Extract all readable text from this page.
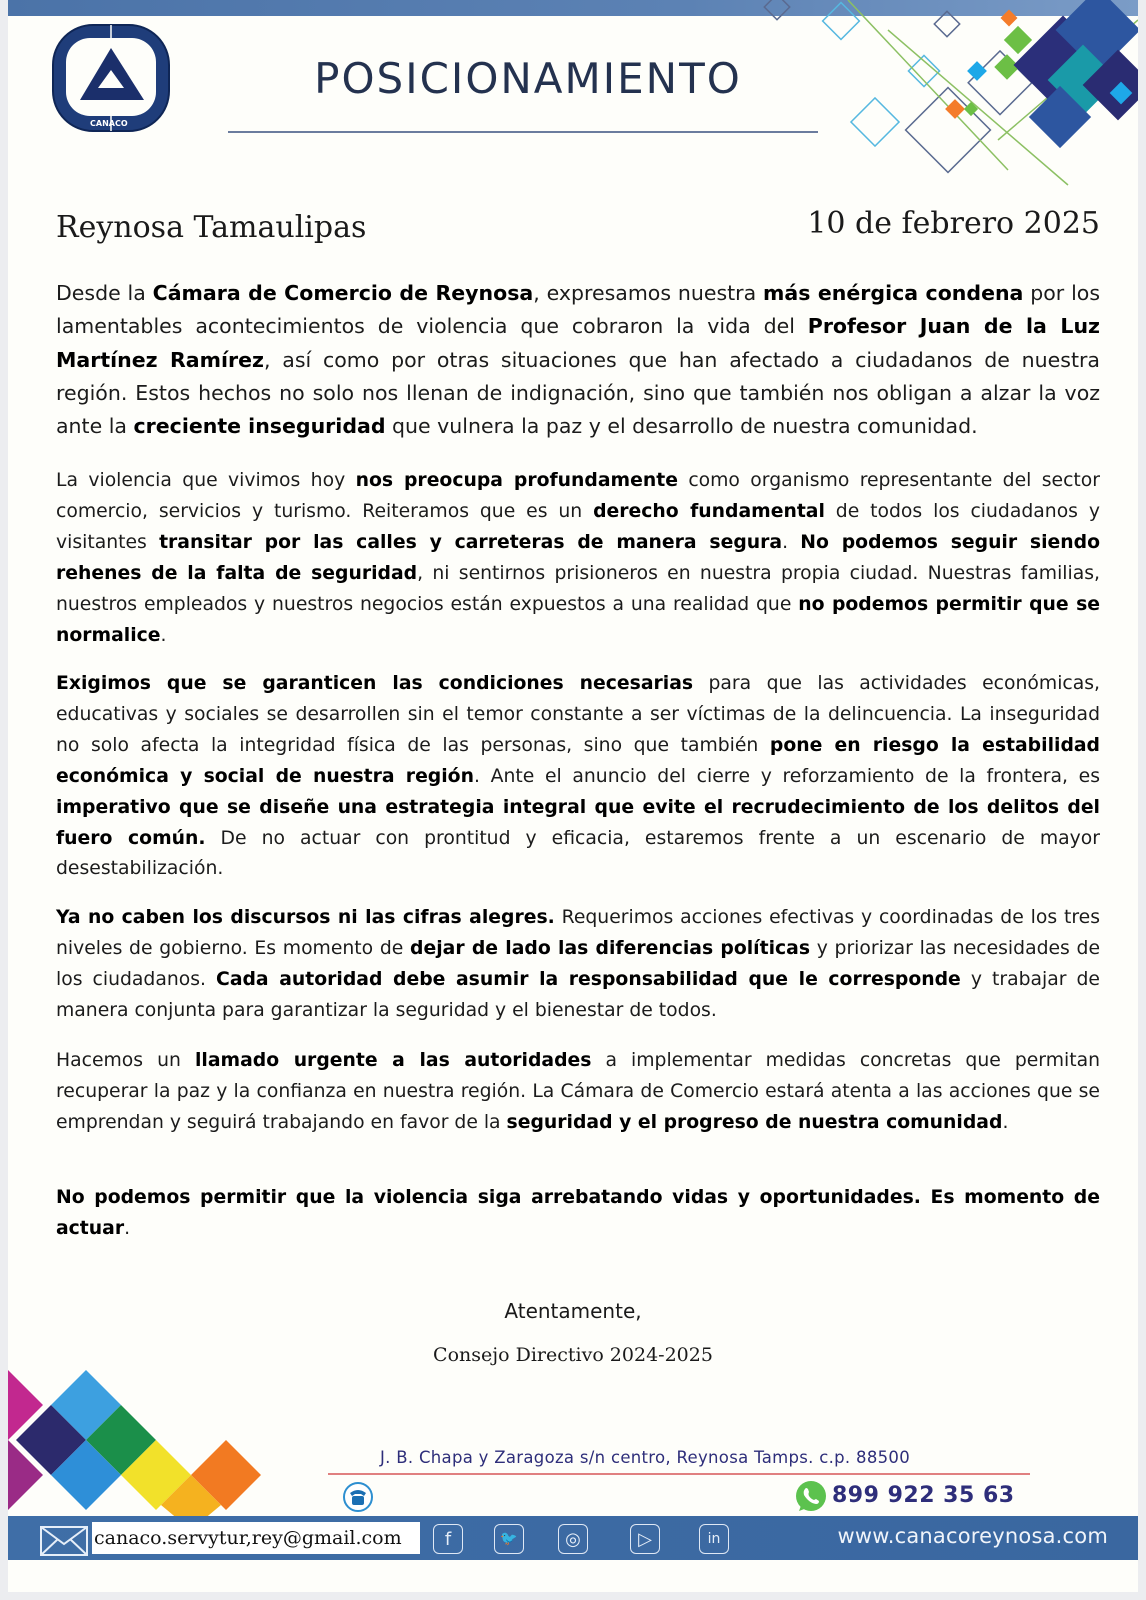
CANACO
POSICIONAMIENTO
Reynosa Tamaulipas	10 de febrero 2025
Desde la Cámara de Comercio de Reynosa, expresamos nuestra más enérgica condena por los lamentables acontecimientos de violencia que cobraron la vida del Profesor Juan de la Luz Martínez Ramírez, así como por otras situaciones que han afectado a ciudadanos de nuestra región. Estos hechos no solo nos llenan de indignación, sino que también nos obligan a alzar la voz ante la creciente inseguridad que vulnera la paz y el desarrollo de nuestra comunidad.
La violencia que vivimos hoy nos preocupa profundamente como organismo representante del sector comercio, servicios y turismo. Reiteramos que es un derecho fundamental de todos los ciudadanos y visitantes transitar por las calles y carreteras de manera segura. No podemos seguir siendo rehenes de la falta de seguridad, ni sentirnos prisioneros en nuestra propia ciudad. Nuestras familias, nuestros empleados y nuestros negocios están expuestos a una realidad que no podemos permitir que se normalice.
Exigimos que se garanticen las condiciones necesarias para que las actividades económicas, educativas y sociales se desarrollen sin el temor constante a ser víctimas de la delincuencia. La inseguridad no solo afecta la integridad física de las personas, sino que también pone en riesgo la estabilidad económica y social de nuestra región. Ante el anuncio del cierre y reforzamiento de la frontera, es imperativo que se diseñe una estrategia integral que evite el recrudecimiento de los delitos del fuero común. De no actuar con prontitud y eficacia, estaremos frente a un escenario de mayor desestabilización.
Ya no caben los discursos ni las cifras alegres. Requerimos acciones efectivas y coordinadas de los tres niveles de gobierno. Es momento de dejar de lado las diferencias políticas y priorizar las necesidades de los ciudadanos. Cada autoridad debe asumir la responsabilidad que le corresponde y trabajar de manera conjunta para garantizar la seguridad y el bienestar de todos.
Hacemos un llamado urgente a las autoridades a implementar medidas concretas que permitan recuperar la paz y la confianza en nuestra región. La Cámara de Comercio estará atenta a las acciones que se emprendan y seguirá trabajando en favor de la seguridad y el progreso de nuestra comunidad.
No podemos permitir que la violencia siga arrebatando vidas y oportunidades. Es momento de actuar.
Atentamente,
Consejo Directivo 2024-2025
J. B. Chapa y Zaragoza s/n centro, Reynosa Tamps. c.p. 88500
899 922 35 63
canaco.servytur,rey@gmail.com	f	🐦	◎	▷	in	www.canacoreynosa.com
